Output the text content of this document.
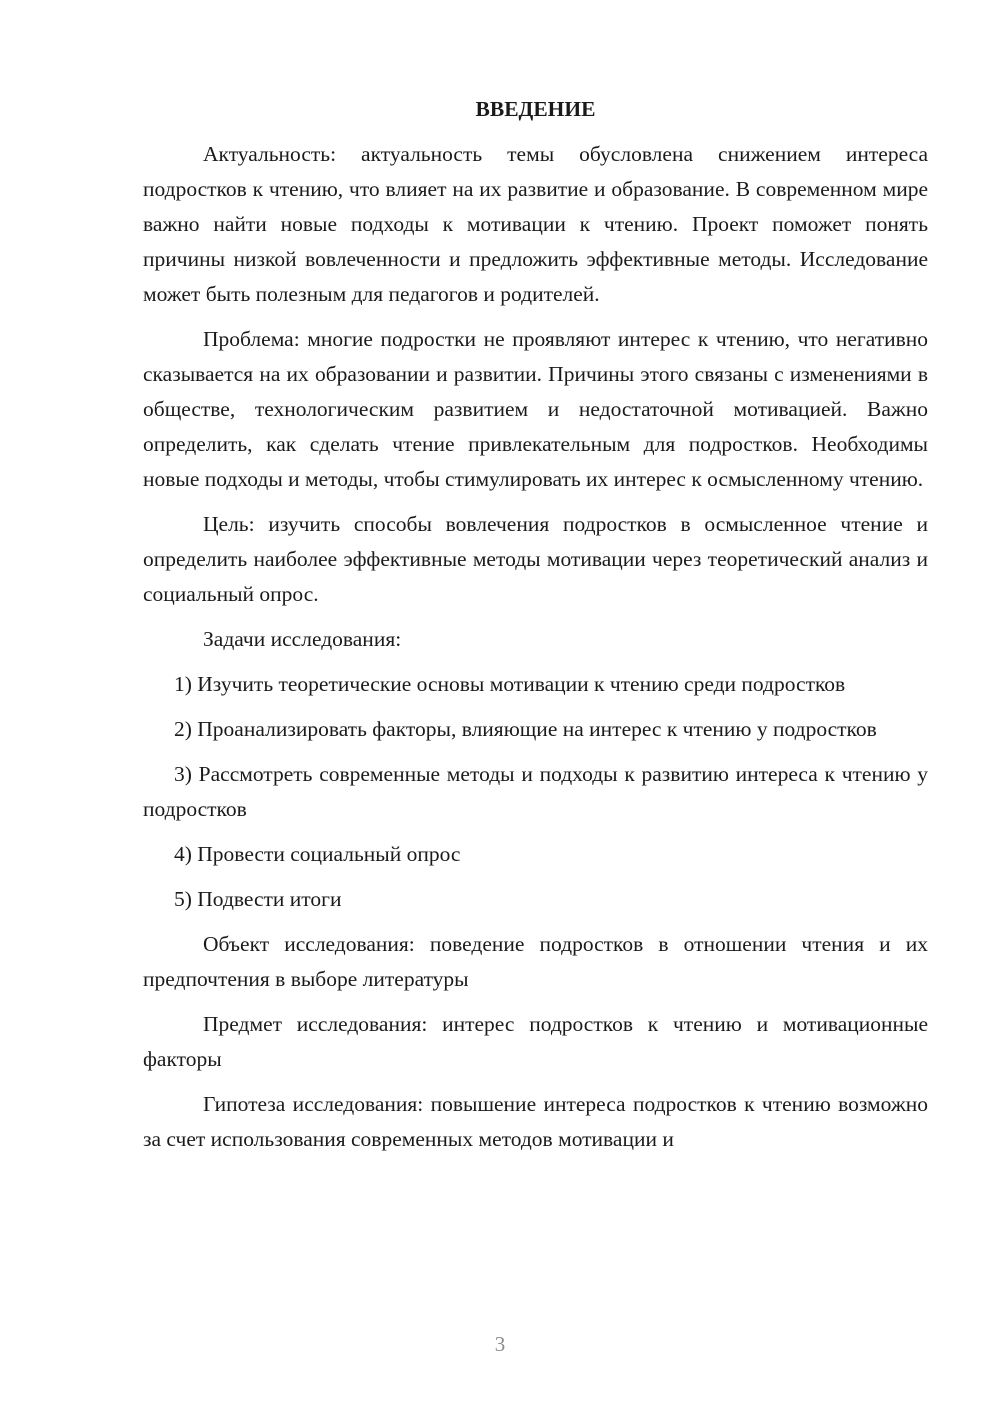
ВВЕДЕНИЕ

Актуальность: актуальность темы обусловлена снижением интереса подростков к чтению, что влияет на их развитие и образование. В современном мире важно найти новые подходы к мотивации к чтению. Проект поможет понять причины низкой вовлеченности и предложить эффективные методы. Исследование может быть полезным для педагогов и родителей.

Проблема: многие подростки не проявляют интерес к чтению, что негативно сказывается на их образовании и развитии. Причины этого связаны с изменениями в обществе, технологическим развитием и недостаточной мотивацией. Важно определить, как сделать чтение привлекательным для подростков. Необходимы новые подходы и методы, чтобы стимулировать их интерес к осмысленному чтению.

Цель: изучить способы вовлечения подростков в осмысленное чтение и определить наиболее эффективные методы мотивации через теоретический анализ и социальный опрос.

Задачи исследования:

1) Изучить теоретические основы мотивации к чтению среди подростков

2) Проанализировать факторы, влияющие на интерес к чтению у подростков

3) Рассмотреть современные методы и подходы к развитию интереса к чтению у подростков

4) Провести социальный опрос

5) Подвести итоги

Объект исследования: поведение подростков в отношении чтения и их предпочтения в выборе литературы

Предмет исследования: интерес подростков к чтению и мотивационные факторы

Гипотеза исследования: повышение интереса подростков к чтению возможно за счет использования современных методов мотивации и

3
